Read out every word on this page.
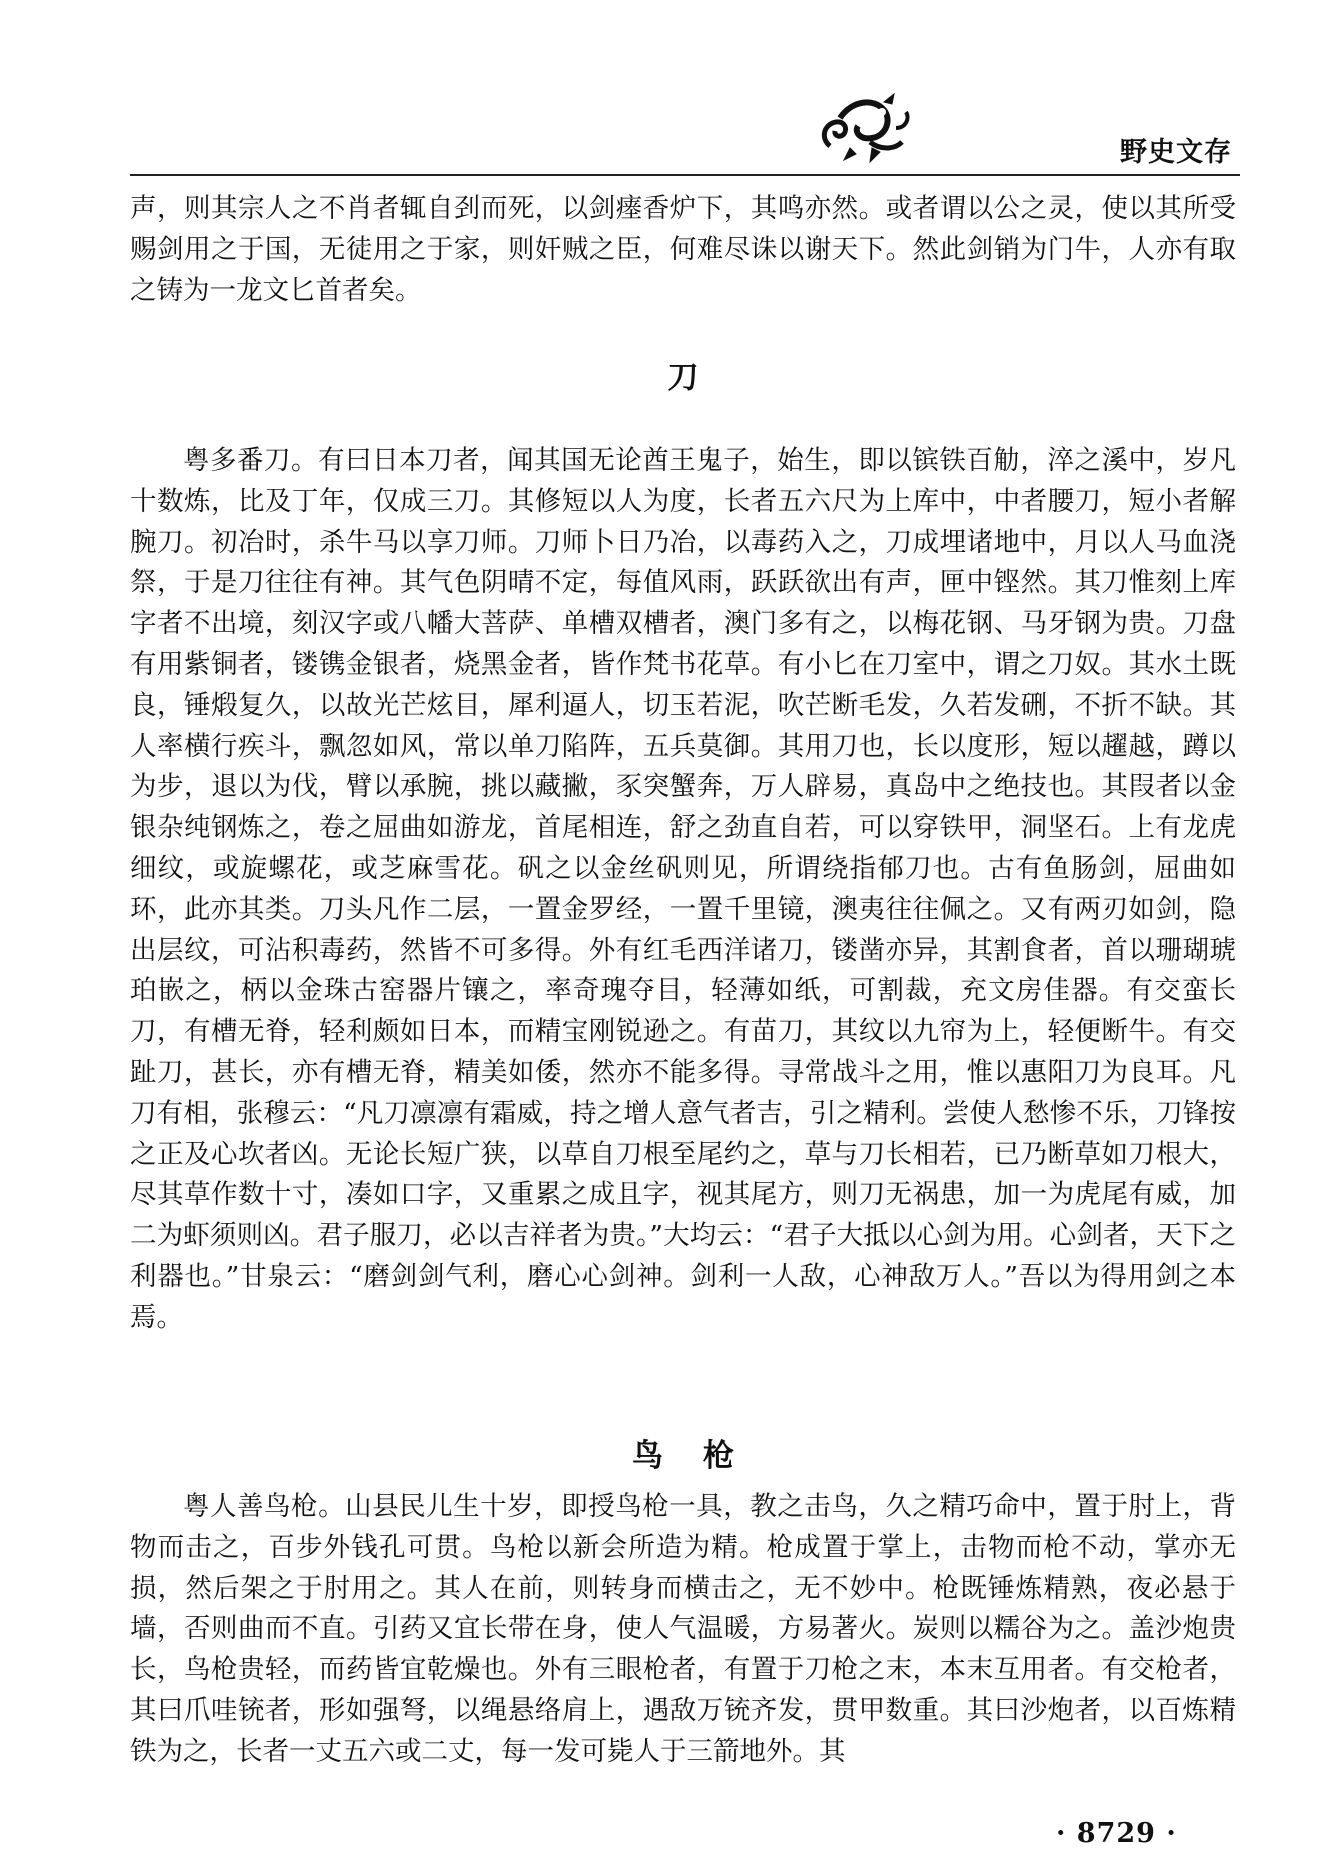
野史文存

声，则其宗人之不肖者辄自刭而死，以剑瘗香炉下，其鸣亦然。或者谓以公之灵，使以其所受赐剑用之于国，无徒用之于家，则奸贼之臣，何难尽诛以谢天下。然此剑销为门牛，人亦有取之铸为一龙文匕首者矣。

刀

粤多番刀。有曰日本刀者，闻其国无论酋王鬼子，始生，即以镔铁百觔，淬之溪中，岁凡十数炼，比及丁年，仅成三刀。其修短以人为度，长者五六尺为上库中，中者腰刀，短小者解腕刀。初冶时，杀牛马以享刀师。刀师卜日乃冶，以毒药入之，刀成埋诸地中，月以人马血浇祭，于是刀往往有神。其气色阴晴不定，每值风雨，跃跃欲出有声，匣中铿然。其刀惟刻上库字者不出境，刻汉字或八幡大菩萨、单槽双槽者，澳门多有之，以梅花钢、马牙钢为贵。刀盘有用紫铜者，镂镌金银者，烧黑金者，皆作梵书花草。有小匕在刀室中，谓之刀奴。其水土既良，锤煅复久，以故光芒炫目，犀利逼人，切玉若泥，吹芒断毛发，久若发硎，不折不缺。其人率横行疾斗，飘忽如风，常以单刀陷阵，五兵莫御。其用刀也，长以度形，短以趯越，蹲以为步，退以为伐，臂以承腕，挑以藏撇，豕突蟹奔，万人辟易，真岛中之绝技也。其叚者以金银杂纯钢炼之，卷之屈曲如游龙，首尾相连，舒之劲直自若，可以穿铁甲，洞坚石。上有龙虎细纹，或旋螺花，或芝麻雪花。矾之以金丝矾则见，所谓绕指郁刀也。古有鱼肠剑，屈曲如环，此亦其类。刀头凡作二层，一置金罗经，一置千里镜，澳夷往往佩之。又有两刃如剑，隐出层纹，可沾积毒药，然皆不可多得。外有红毛西洋诸刀，镂凿亦异，其割食者，首以珊瑚琥珀嵌之，柄以金珠古窑器片镶之，率奇瑰夺目，轻薄如纸，可割裁，充文房佳器。有交蛮长刀，有槽无脊，轻利颇如日本，而精宝刚锐逊之。有苗刀，其纹以九帘为上，轻便断牛。有交趾刀，甚长，亦有槽无脊，精美如倭，然亦不能多得。寻常战斗之用，惟以惠阳刀为良耳。凡刀有相，张穆云：“凡刀凛凛有霜威，持之增人意气者吉，引之精利。尝使人愁惨不乐，刀锋按之正及心坎者凶。无论长短广狭，以草自刀根至尾约之，草与刀长相若，已乃断草如刀根大，尽其草作数十寸，凑如口字，又重累之成且字，视其尾方，则刀无祸患，加一为虎尾有威，加二为虾须则凶。君子服刀，必以吉祥者为贵。”大均云：“君子大抵以心剑为用。心剑者，天下之利器也。”甘泉云：“磨剑剑气利，磨心心剑神。剑利一人敌，心神敌万人。”吾以为得用剑之本焉。

鸟枪

粤人善鸟枪。山县民儿生十岁，即授鸟枪一具，教之击鸟，久之精巧命中，置于肘上，背物而击之，百步外钱孔可贯。鸟枪以新会所造为精。枪成置于掌上，击物而枪不动，掌亦无损，然后架之于肘用之。其人在前，则转身而横击之，无不妙中。枪既锤炼精熟，夜必悬于墙，否则曲而不直。引药又宜长带在身，使人气温暖，方易著火。炭则以糯谷为之。盖沙炮贵长，鸟枪贵轻，而药皆宜乾燥也。外有三眼枪者，有置于刀枪之末，本末互用者。有交枪者，其曰爪哇铳者，形如强弩，以绳悬络肩上，遇敌万铳齐发，贯甲数重。其曰沙炮者，以百炼精铁为之，长者一丈五六或二丈，每一发可毙人于三箭地外。其

· 8729 ·
